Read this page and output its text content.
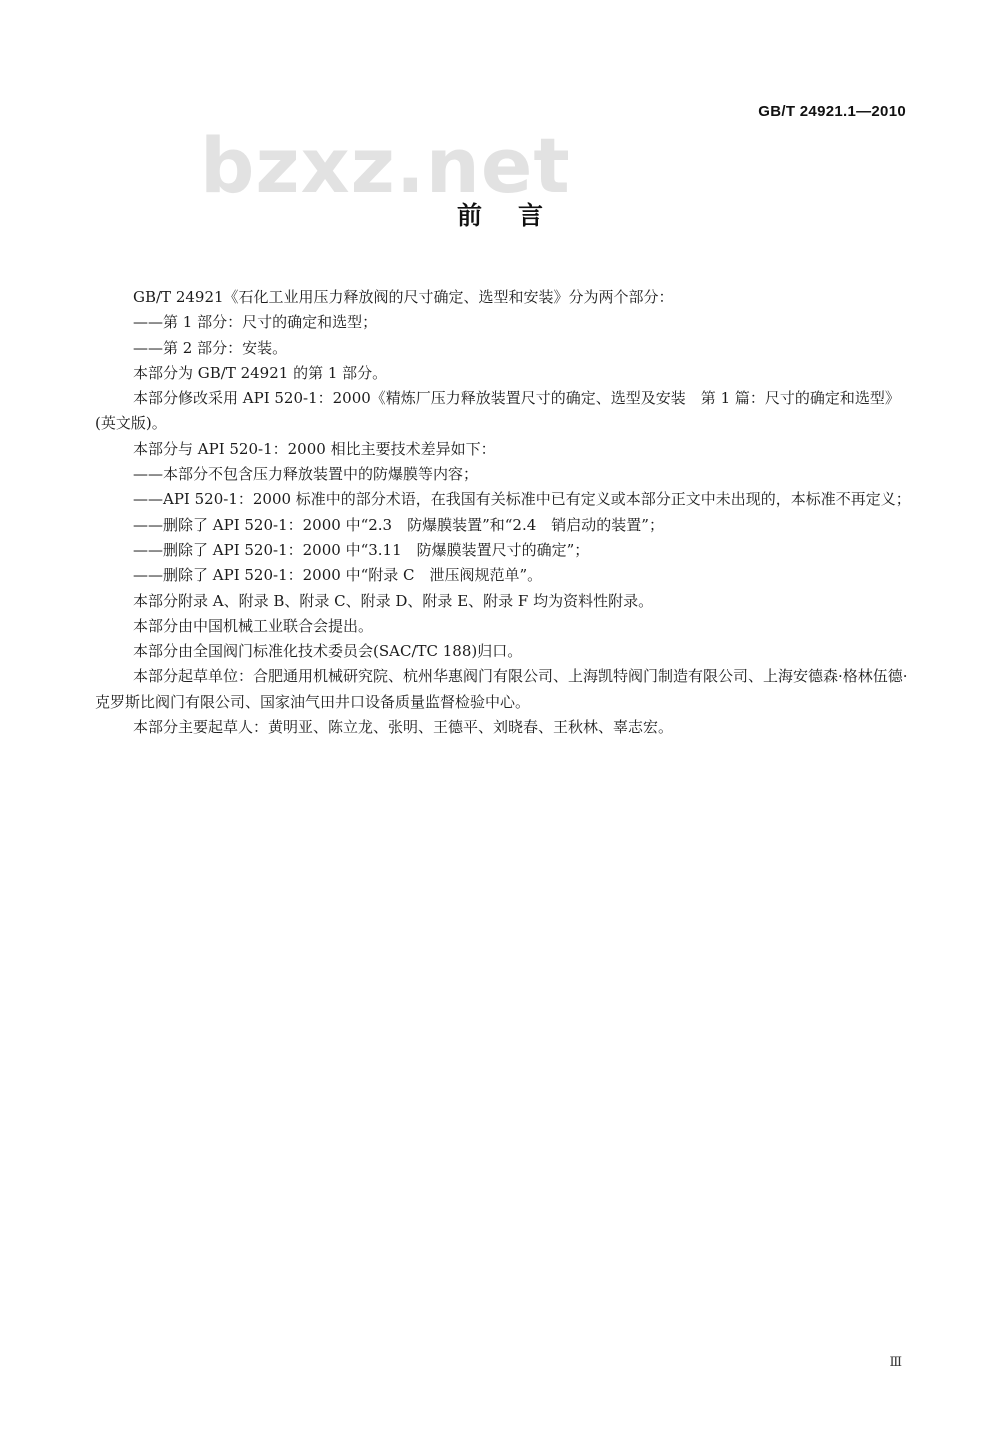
GB/T 24921.1—2010
bzxz.net
前言

GB/T 24921《石化工业用压力释放阀的尺寸确定、选型和安装》分为两个部分：

——第 1 部分：尺寸的确定和选型；

——第 2 部分：安装。

本部分为 GB/T 24921 的第 1 部分。

本部分修改采用 API 520-1：2000《精炼厂压力释放装置尺寸的确定、选型及安装　第 1 篇：尺寸的确定和选型》(英文版)。

本部分与 API 520-1：2000 相比主要技术差异如下：

——本部分不包含压力释放装置中的防爆膜等内容；

——API 520-1：2000 标准中的部分术语，在我国有关标准中已有定义或本部分正文中未出现的，本标准不再定义；

——删除了 API 520-1：2000 中“2.3　防爆膜装置”和“2.4　销启动的装置”；

——删除了 API 520-1：2000 中“3.11　防爆膜装置尺寸的确定”；

——删除了 API 520-1：2000 中“附录 C　泄压阀规范单”。

本部分附录 A、附录 B、附录 C、附录 D、附录 E、附录 F 均为资料性附录。

本部分由中国机械工业联合会提出。

本部分由全国阀门标准化技术委员会(SAC/TC 188)归口。

本部分起草单位：合肥通用机械研究院、杭州华惠阀门有限公司、上海凯特阀门制造有限公司、上海安德森·格林伍德·克罗斯比阀门有限公司、国家油气田井口设备质量监督检验中心。

本部分主要起草人：黄明亚、陈立龙、张明、王德平、刘晓春、王秋林、辜志宏。

Ⅲ
